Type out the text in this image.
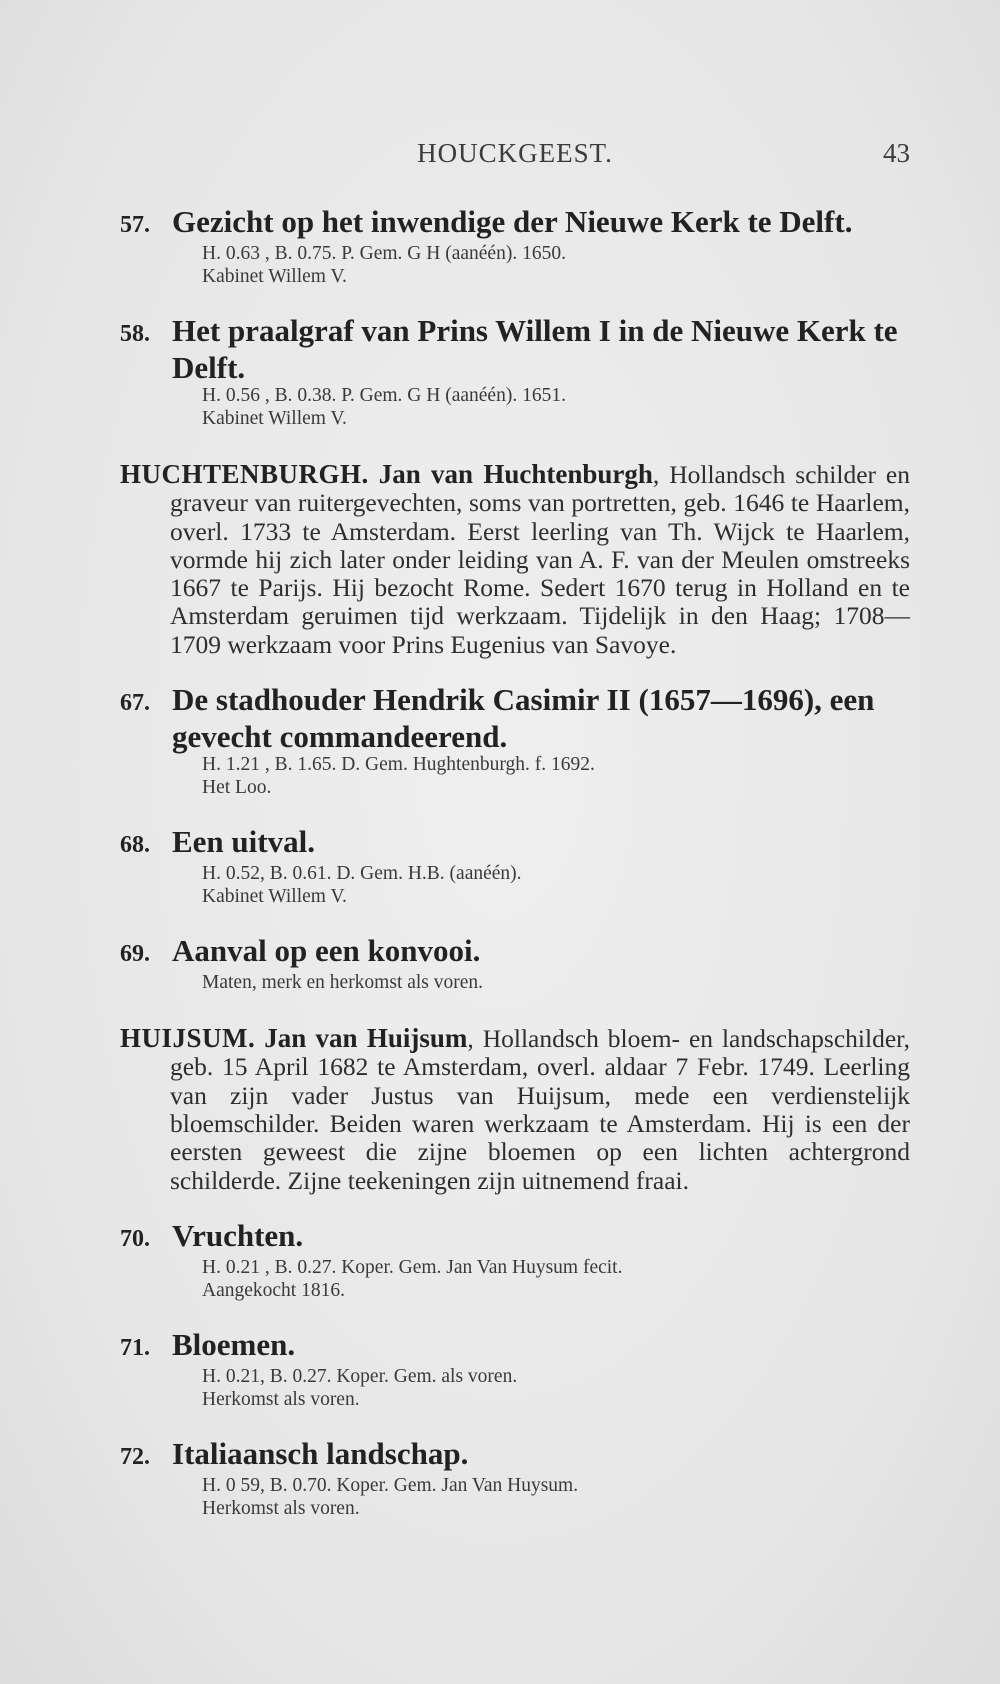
HOUCKGEEST.	43
57. Gezicht op het inwendige der Nieuwe Kerk te Delft.
H. 0.63 , B. 0.75. P. Gem. G H (aanéén). 1650.
Kabinet Willem V.
58. Het praalgraf van Prins Willem I in de Nieuwe Kerk te Delft.
H. 0.56 , B. 0.38. P. Gem. G H (aanéén). 1651.
Kabinet Willem V.
HUCHTENBURGH. Jan van Huchtenburgh, Hollandsch schilder en graveur van ruitergevechten, soms van portretten, geb. 1646 te Haarlem, overl. 1733 te Amsterdam. Eerst leerling van Th. Wijck te Haarlem, vormde hij zich later onder leiding van A. F. van der Meulen omstreeks 1667 te Parijs. Hij bezocht Rome. Sedert 1670 terug in Holland en te Amsterdam geruimen tijd werkzaam. Tijdelijk in den Haag; 1708—1709 werkzaam voor Prins Eugenius van Savoye.
67. De stadhouder Hendrik Casimir II (1657—1696), een gevecht commandeerend.
H. 1.21 , B. 1.65. D. Gem. Hughtenburgh. f. 1692.
Het Loo.
68. Een uitval.
H. 0.52, B. 0.61. D. Gem. H.B. (aanéén).
Kabinet Willem V.
69. Aanval op een konvooi.
Maten, merk en herkomst als voren.
HUIJSUM. Jan van Huijsum, Hollandsch bloem- en landschapschilder, geb. 15 April 1682 te Amsterdam, overl. aldaar 7 Febr. 1749. Leerling van zijn vader Justus van Huijsum, mede een verdienstelijk bloemschilder. Beiden waren werkzaam te Amsterdam. Hij is een der eersten geweest die zijne bloemen op een lichten achtergrond schilderde. Zijne teekeningen zijn uitnemend fraai.
70. Vruchten.
H. 0.21 , B. 0.27. Koper. Gem. Jan Van Huysum fecit.
Aangekocht 1816.
71. Bloemen.
H. 0.21, B. 0.27. Koper. Gem. als voren.
Herkomst als voren.
72. Italiaansch landschap.
H. 0 59, B. 0.70. Koper. Gem. Jan Van Huysum.
Herkomst als voren.
